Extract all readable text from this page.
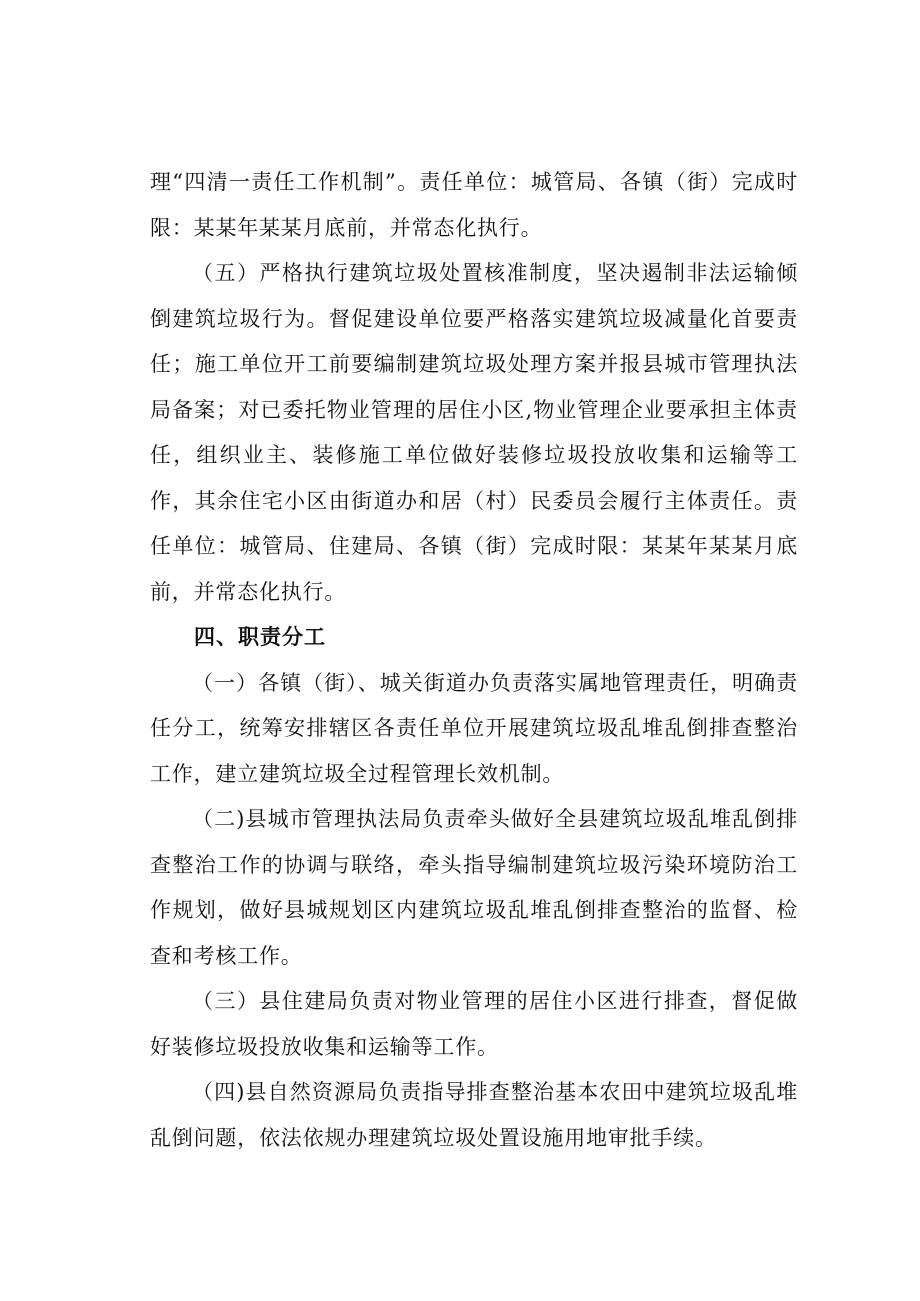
理“四清一责任工作机制”。责任单位：城管局、各镇（街）完成时限：某某年某某月底前，并常态化执行。

（五）严格执行建筑垃圾处置核准制度，坚决遏制非法运输倾倒建筑垃圾行为。督促建设单位要严格落实建筑垃圾减量化首要责任；施工单位开工前要编制建筑垃圾处理方案并报县城市管理执法局备案；对已委托物业管理的居住小区,物业管理企业要承担主体责任，组织业主、装修施工单位做好装修垃圾投放收集和运输等工作，其余住宅小区由街道办和居（村）民委员会履行主体责任。责任单位：城管局、住建局、各镇（街）完成时限：某某年某某月底前，并常态化执行。

四、职责分工

（一）各镇（街）、城关街道办负责落实属地管理责任，明确责任分工，统筹安排辖区各责任单位开展建筑垃圾乱堆乱倒排查整治工作，建立建筑垃圾全过程管理长效机制。

（二)县城市管理执法局负责牵头做好全县建筑垃圾乱堆乱倒排查整治工作的协调与联络，牵头指导编制建筑垃圾污染环境防治工作规划，做好县城规划区内建筑垃圾乱堆乱倒排查整治的监督、检查和考核工作。

（三）县住建局负责对物业管理的居住小区进行排查，督促做好装修垃圾投放收集和运输等工作。

（四)县自然资源局负责指导排查整治基本农田中建筑垃圾乱堆乱倒问题，依法依规办理建筑垃圾处置设施用地审批手续。
